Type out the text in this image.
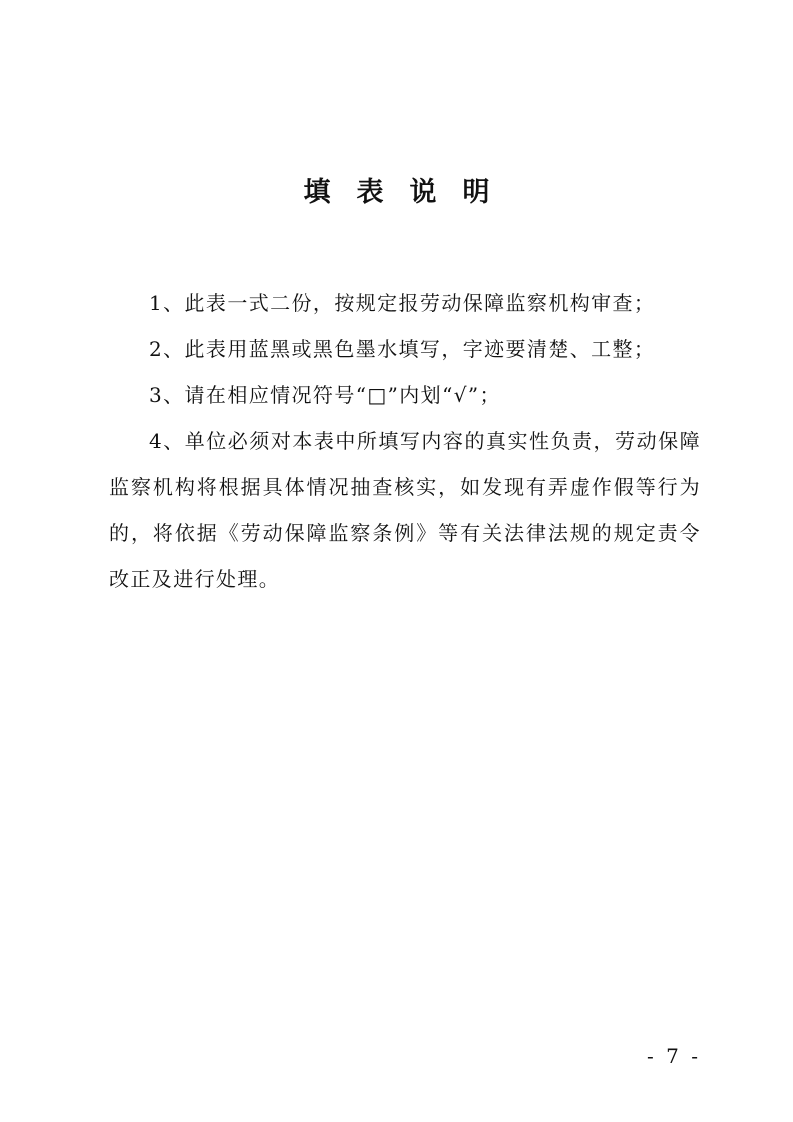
填表说明
1、此表一式二份，按规定报劳动保障监察机构审查；
2、此表用蓝黑或黑色墨水填写，字迹要清楚、工整；
3、请在相应情况符号“□”内划“√”；
4、单位必须对本表中所填写内容的真实性负责，劳动保障监察机构将根据具体情况抽查核实，如发现有弄虚作假等行为的，将依据《劳动保障监察条例》等有关法律法规的规定责令改正及进行处理。
- 7 -
